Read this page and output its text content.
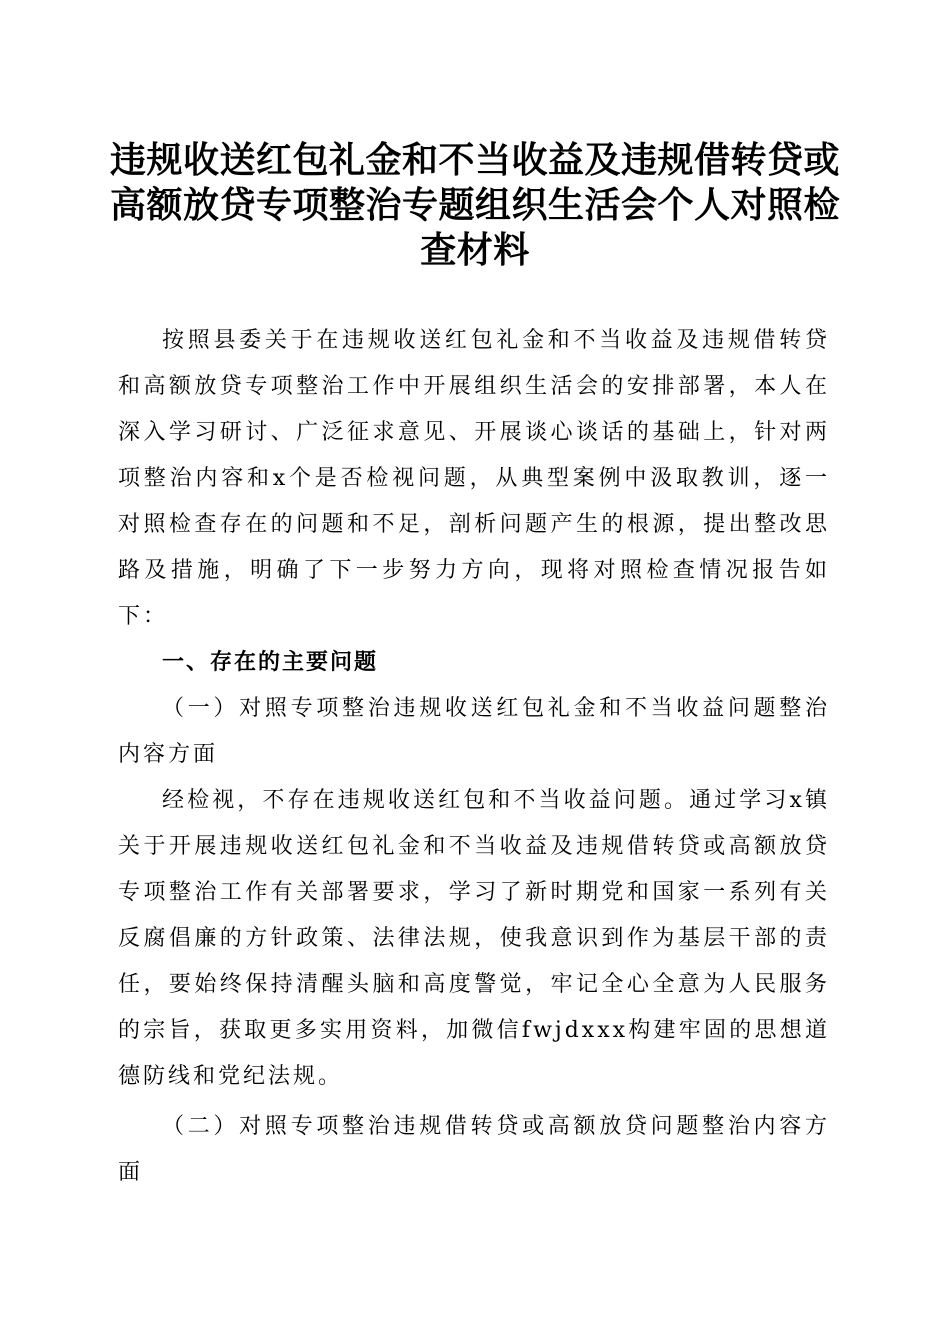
违规收送红包礼金和不当收益及违规借转贷或高额放贷专项整治专题组织生活会个人对照检查材料

按照县委关于在违规收送红包礼金和不当收益及违规借转贷和高额放贷专项整治工作中开展组织生活会的安排部署，本人在深入学习研讨、广泛征求意见、开展谈心谈话的基础上，针对两项整治内容和x个是否检视问题，从典型案例中汲取教训，逐一对照检查存在的问题和不足，剖析问题产生的根源，提出整改思路及措施，明确了下一步努力方向，现将对照检查情况报告如下：

一、存在的主要问题

（一）对照专项整治违规收送红包礼金和不当收益问题整治内容方面

经检视，不存在违规收送红包和不当收益问题。通过学习x镇关于开展违规收送红包礼金和不当收益及违规借转贷或高额放贷专项整治工作有关部署要求，学习了新时期党和国家一系列有关反腐倡廉的方针政策、法律法规，使我意识到作为基层干部的责任，要始终保持清醒头脑和高度警觉，牢记全心全意为人民服务的宗旨，获取更多实用资料，加微信fwjdxxx构建牢固的思想道德防线和党纪法规。

（二）对照专项整治违规借转贷或高额放贷问题整治内容方面
